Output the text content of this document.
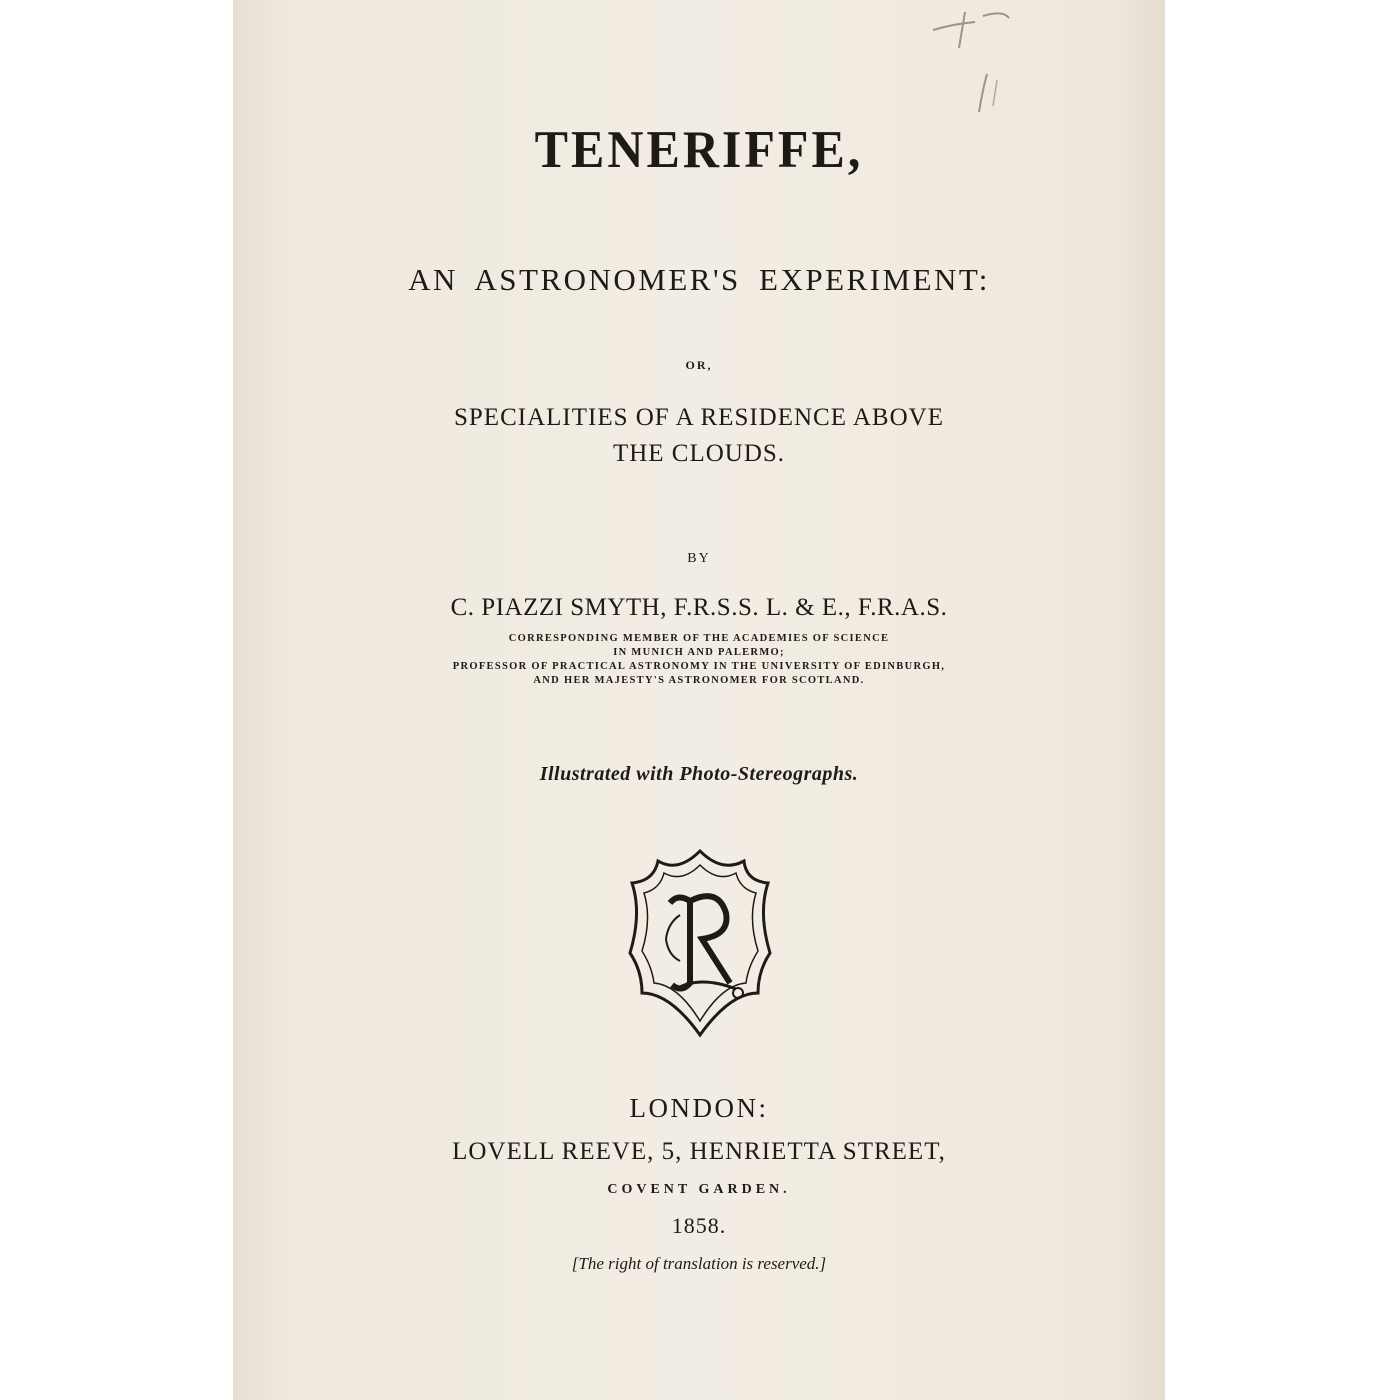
TENERIFFE,

AN ASTRONOMER'S EXPERIMENT:

OR,

SPECIALITIES OF A RESIDENCE ABOVE
THE CLOUDS.

BY

C. PIAZZI SMYTH, F.R.S.S. L. & E., F.R.A.S.

CORRESPONDING MEMBER OF THE ACADEMIES OF SCIENCE
IN MUNICH AND PALERMO;
PROFESSOR OF PRACTICAL ASTRONOMY IN THE UNIVERSITY OF EDINBURGH,
AND HER MAJESTY'S ASTRONOMER FOR SCOTLAND.

Illustrated with Photo-Stereographs.

LONDON:

LOVELL REEVE, 5, HENRIETTA STREET,

COVENT GARDEN.

1858.

[The right of translation is reserved.]
